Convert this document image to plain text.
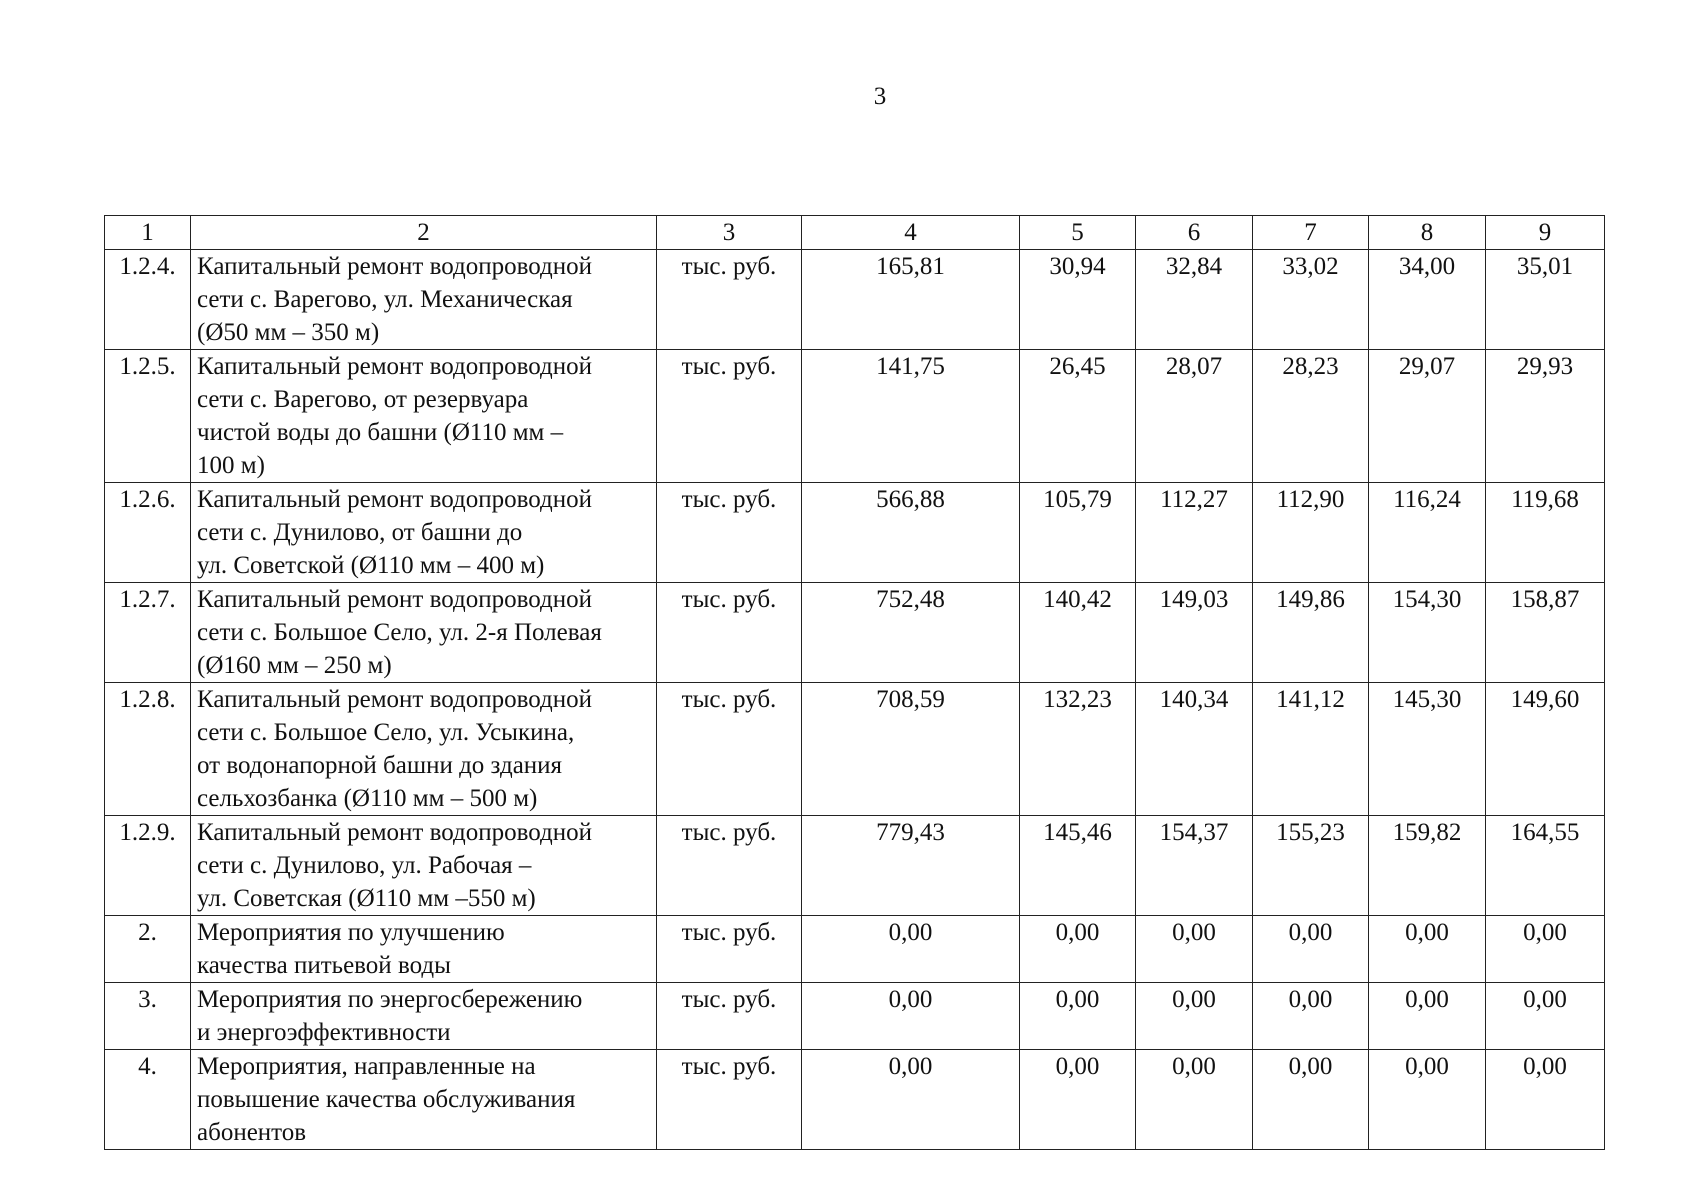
3
1	2	3	4	5	6	7	8	9
1.2.4.	Капитальный ремонт водопроводной
сети с. Варегово, ул. Механическая
(Ø50 мм – 350 м)	тыс. руб.	165,81	30,94	32,84	33,02	34,00	35,01
1.2.5.	Капитальный ремонт водопроводной
сети с. Варегово, от резервуара
чистой воды до башни (Ø110 мм –
100 м)	тыс. руб.	141,75	26,45	28,07	28,23	29,07	29,93
1.2.6.	Капитальный ремонт водопроводной
сети с. Дунилово, от башни до
ул. Советской (Ø110 мм – 400 м)	тыс. руб.	566,88	105,79	112,27	112,90	116,24	119,68
1.2.7.	Капитальный ремонт водопроводной
сети с. Большое Село, ул. 2-я Полевая
(Ø160 мм – 250 м)	тыс. руб.	752,48	140,42	149,03	149,86	154,30	158,87
1.2.8.	Капитальный ремонт водопроводной
сети с. Большое Село, ул. Усыкина,
от водонапорной башни до здания
сельхозбанка (Ø110 мм – 500 м)	тыс. руб.	708,59	132,23	140,34	141,12	145,30	149,60
1.2.9.	Капитальный ремонт водопроводной
сети с. Дунилово, ул. Рабочая –
ул. Советская (Ø110 мм –550 м)	тыс. руб.	779,43	145,46	154,37	155,23	159,82	164,55
2.	Мероприятия по улучшению
качества питьевой воды	тыс. руб.	0,00	0,00	0,00	0,00	0,00	0,00
3.	Мероприятия по энергосбережению
и энергоэффективности	тыс. руб.	0,00	0,00	0,00	0,00	0,00	0,00
4.	Мероприятия, направленные на
повышение качества обслуживания
абонентов	тыс. руб.	0,00	0,00	0,00	0,00	0,00	0,00
